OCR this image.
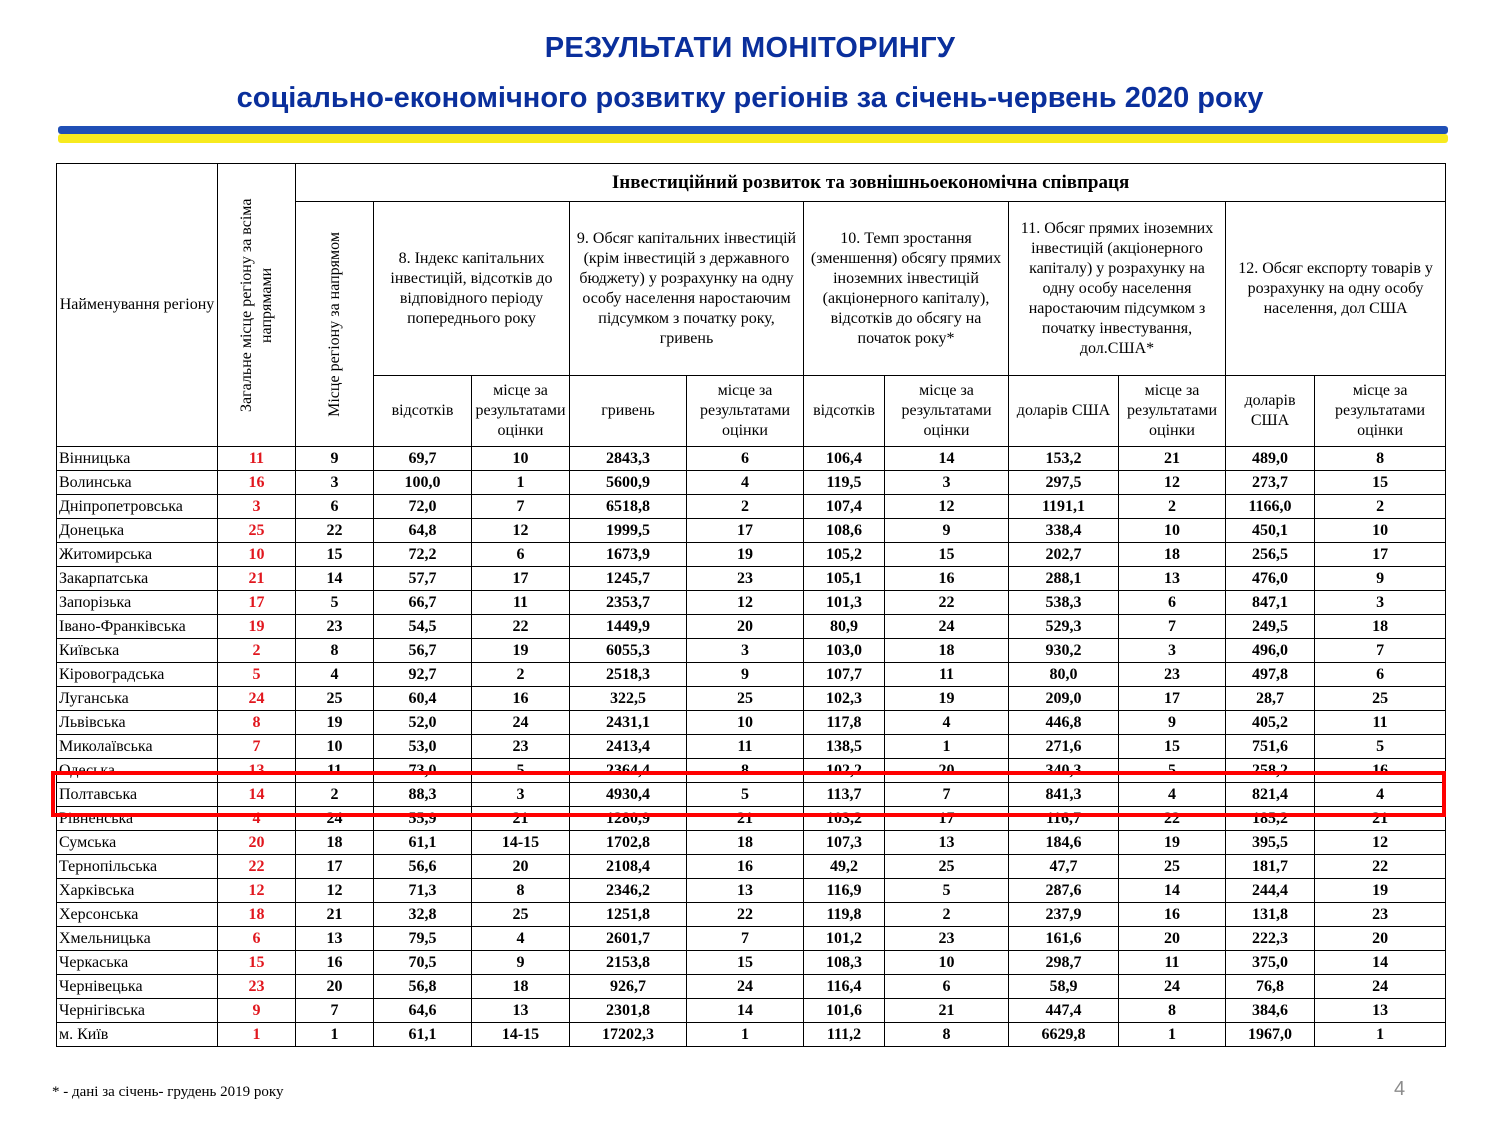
РЕЗУЛЬТАТИ МОНІТОРИНГУ
соціально-економічного розвитку регіонів за січень-червень 2020 року
Найменування регіону	Загальне місце регіону за всіма напрямами	Інвестиційний розвиток та зовнішньоекономічна співпраця										

		Місце регіону за напрямом	8. Індекс капітальних інвестицій, відсотків до відповідного періоду попереднього року		9. Обсяг капітальних інвестицій (крім інвестицій з державного бюджету) у розрахунку на одну особу населення наростаючим підсумком з початку року, гривень		10. Темп зростання (зменшення) обсягу прямих іноземних інвестицій (акціонерного капіталу), відсотків до обсягу на початок року*		11. Обсяг прямих іноземних інвестицій (акціонерного капіталу) у розрахунку на одну особу населення наростаючим підсумком з початку інвестування, дол.США*		12. Обсяг експорту товарів у розрахунку на одну особу населення, дол США	
			відсотків	місце за результатами оцінки	гривень	місце за результатами оцінки	відсотків	місце за результатами оцінки	доларів США	місце за результатами оцінки	доларів США	місце за результатами оцінки
Вінницька	11	9	69,7	10	2843,3	6	106,4	14	153,2	21	489,0	8
Волинська	16	3	100,0	1	5600,9	4	119,5	3	297,5	12	273,7	15
Дніпропетровська	3	6	72,0	7	6518,8	2	107,4	12	1191,1	2	1166,0	2
Донецька	25	22	64,8	12	1999,5	17	108,6	9	338,4	10	450,1	10
Житомирська	10	15	72,2	6	1673,9	19	105,2	15	202,7	18	256,5	17
Закарпатська	21	14	57,7	17	1245,7	23	105,1	16	288,1	13	476,0	9
Запорізька	17	5	66,7	11	2353,7	12	101,3	22	538,3	6	847,1	3
Івано-Франківська	19	23	54,5	22	1449,9	20	80,9	24	529,3	7	249,5	18
Київська	2	8	56,7	19	6055,3	3	103,0	18	930,2	3	496,0	7
Кіровоградська	5	4	92,7	2	2518,3	9	107,7	11	80,0	23	497,8	6
Луганська	24	25	60,4	16	322,5	25	102,3	19	209,0	17	28,7	25
Львівська	8	19	52,0	24	2431,1	10	117,8	4	446,8	9	405,2	11
Миколаївська	7	10	53,0	23	2413,4	11	138,5	1	271,6	15	751,6	5
Одеська	13	11	73,0	5	2364,4	8	102,2	20	340,3	5	258,2	16
Полтавська	14	2	88,3	3	4930,4	5	113,7	7	841,3	4	821,4	4
Рівненська	4	24	55,9	21	1280,9	21	103,2	17	116,7	22	185,2	21
Сумська	20	18	61,1	14-15	1702,8	18	107,3	13	184,6	19	395,5	12
Тернопільська	22	17	56,6	20	2108,4	16	49,2	25	47,7	25	181,7	22
Харківська	12	12	71,3	8	2346,2	13	116,9	5	287,6	14	244,4	19
Херсонська	18	21	32,8	25	1251,8	22	119,8	2	237,9	16	131,8	23
Хмельницька	6	13	79,5	4	2601,7	7	101,2	23	161,6	20	222,3	20
Черкаська	15	16	70,5	9	2153,8	15	108,3	10	298,7	11	375,0	14
Чернівецька	23	20	56,8	18	926,7	24	116,4	6	58,9	24	76,8	24
Чернігівська	9	7	64,6	13	2301,8	14	101,6	21	447,4	8	384,6	13
м. Київ	1	1	61,1	14-15	17202,3	1	111,2	8	6629,8	1	1967,0	1
* - дані за січень- грудень 2019 року	4
